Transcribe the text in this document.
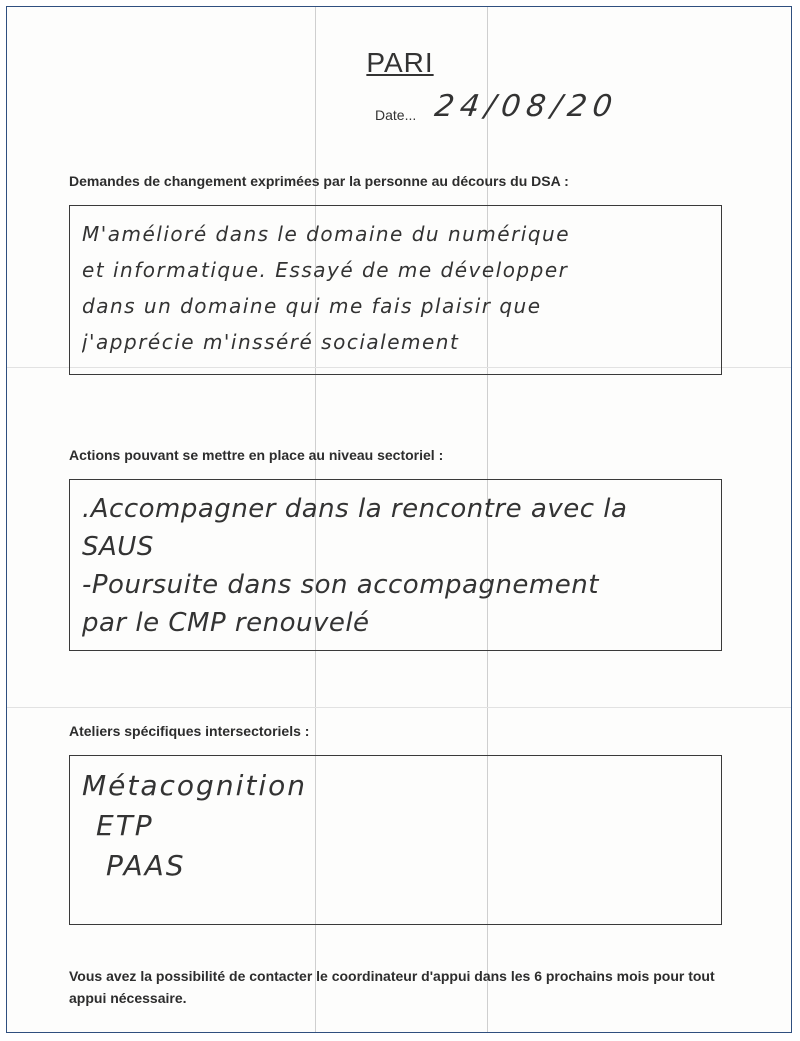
PARI
Date... 24/08/20
Demandes de changement exprimées par la personne au décours du DSA :
M'amélioré dans le domaine du numérique
et informatique. Essayé de me développer
dans un domaine qui me fais plaisir que
j'apprécie m'insséré socialement
Actions pouvant se mettre en place au niveau sectoriel :
.Accompagner dans la rencontre avec la
SAUS
-Poursuite dans son accompagnement
par le CMP renouvelé
Ateliers spécifiques intersectoriels :
Métacognition
ETP
PAAS
Vous avez la possibilité de contacter le coordinateur d'appui dans les 6 prochains mois pour tout appui nécessaire.
